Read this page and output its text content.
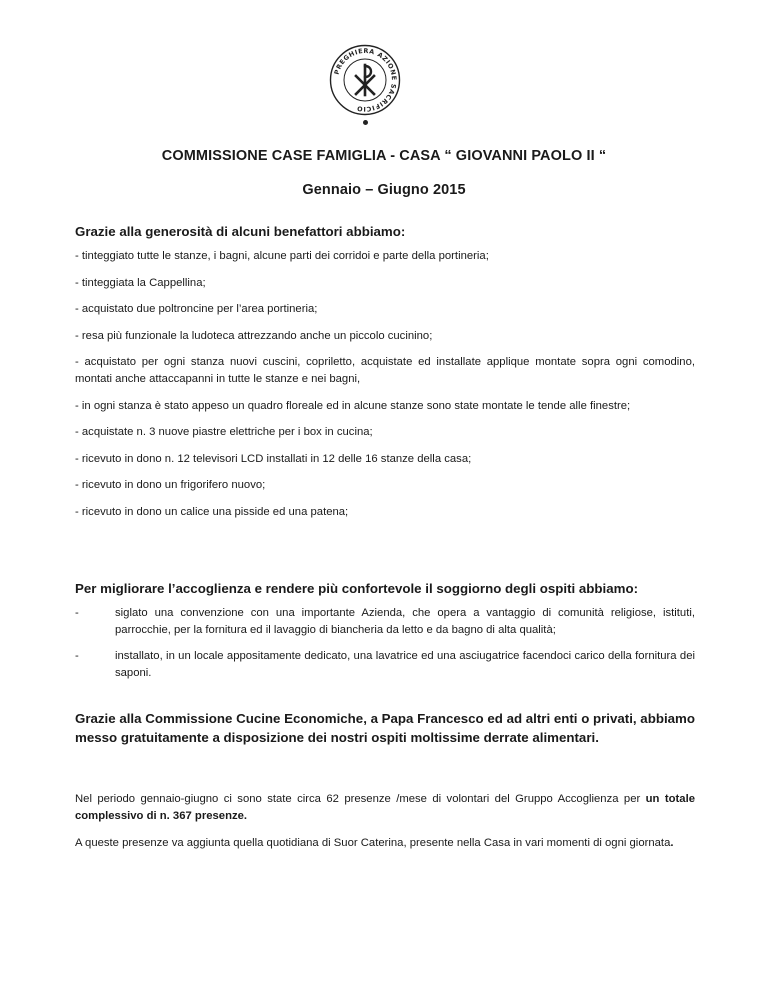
PREGHIERA AZIONE SACRIFICIO
COMMISSIONE CASE FAMIGLIA - CASA “ GIOVANNI PAOLO II “
Gennaio – Giugno 2015

Grazie alla generosità di alcuni benefattori abbiamo:

- tinteggiato tutte le stanze, i bagni, alcune parti dei corridoi e parte della portineria;

- tinteggiata la Cappellina;

- acquistato due poltroncine per l’area portineria;

- resa più funzionale la ludoteca attrezzando anche un piccolo cucinino;

- acquistato per ogni stanza nuovi cuscini, copriletto, acquistate ed installate applique montate sopra ogni comodino, montati anche attaccapanni in tutte le stanze e nei bagni,

- in ogni stanza è stato appeso un quadro floreale ed in alcune stanze sono state montate le tende alle finestre;

- acquistate n. 3 nuove piastre elettriche per i box in cucina;

- ricevuto in dono n. 12 televisori LCD installati in 12 delle 16 stanze della casa;

- ricevuto in dono un frigorifero nuovo;

- ricevuto in dono un calice una pisside ed una patena;

Per migliorare l’accoglienza e rendere più confortevole il soggiorno degli ospiti abbiamo:

-	siglato una convenzione con una importante Azienda, che opera a vantaggio di comunità religiose, istituti, parrocchie, per la fornitura ed il lavaggio di biancheria da letto e da bagno di alta qualità;
-	installato, in un locale appositamente dedicato, una lavatrice ed una asciugatrice facendoci carico della fornitura dei saponi.

Grazie alla Commissione Cucine Economiche, a Papa Francesco ed ad altri enti o privati, abbiamo messo gratuitamente a disposizione dei nostri ospiti moltissime derrate alimentari.

Nel periodo gennaio-giugno ci sono state circa 62 presenze /mese di volontari del Gruppo Accoglienza per un totale complessivo di n. 367 presenze.

A queste presenze va aggiunta quella quotidiana di Suor Caterina, presente nella Casa in vari momenti di ogni giornata.
